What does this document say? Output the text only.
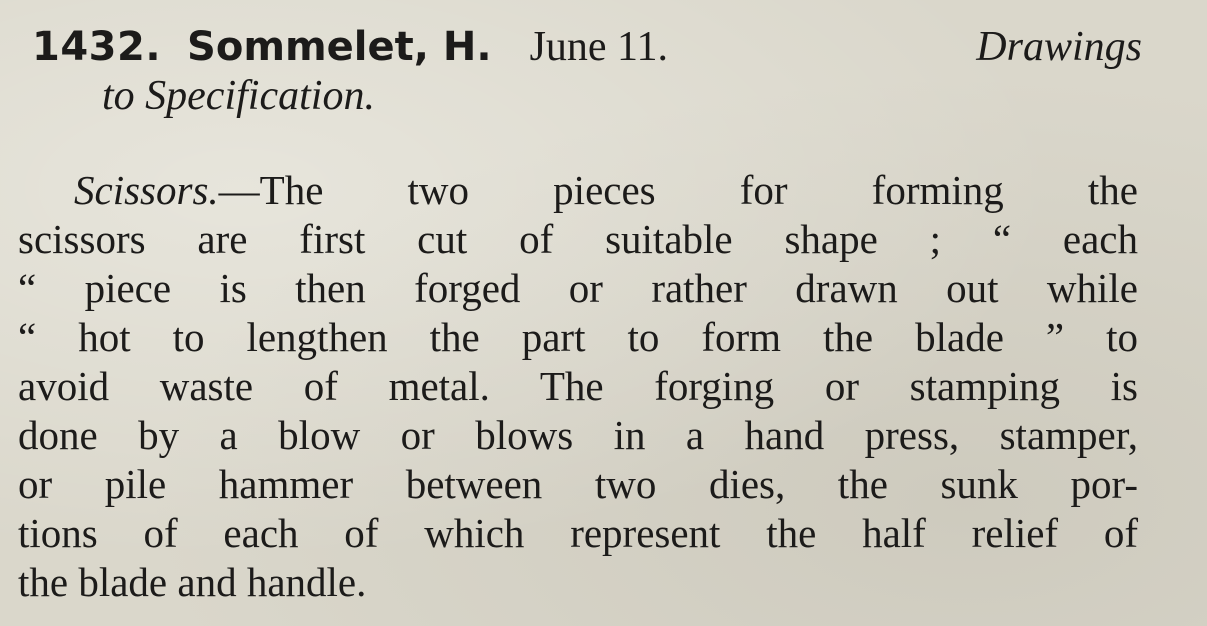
1432. Sommelet, H. June 11.	Drawings
to Specification.
Scissors.—The two pieces for forming the
scissors are first cut of suitable shape ; “ each
“ piece is then forged or rather drawn out while
“ hot to lengthen the part to form the blade ” to
avoid waste of metal. The forging or stamping is
done by a blow or blows in a hand press, stamper,
or pile hammer between two dies, the sunk por-
tions of each of which represent the half relief of
the blade and handle.
